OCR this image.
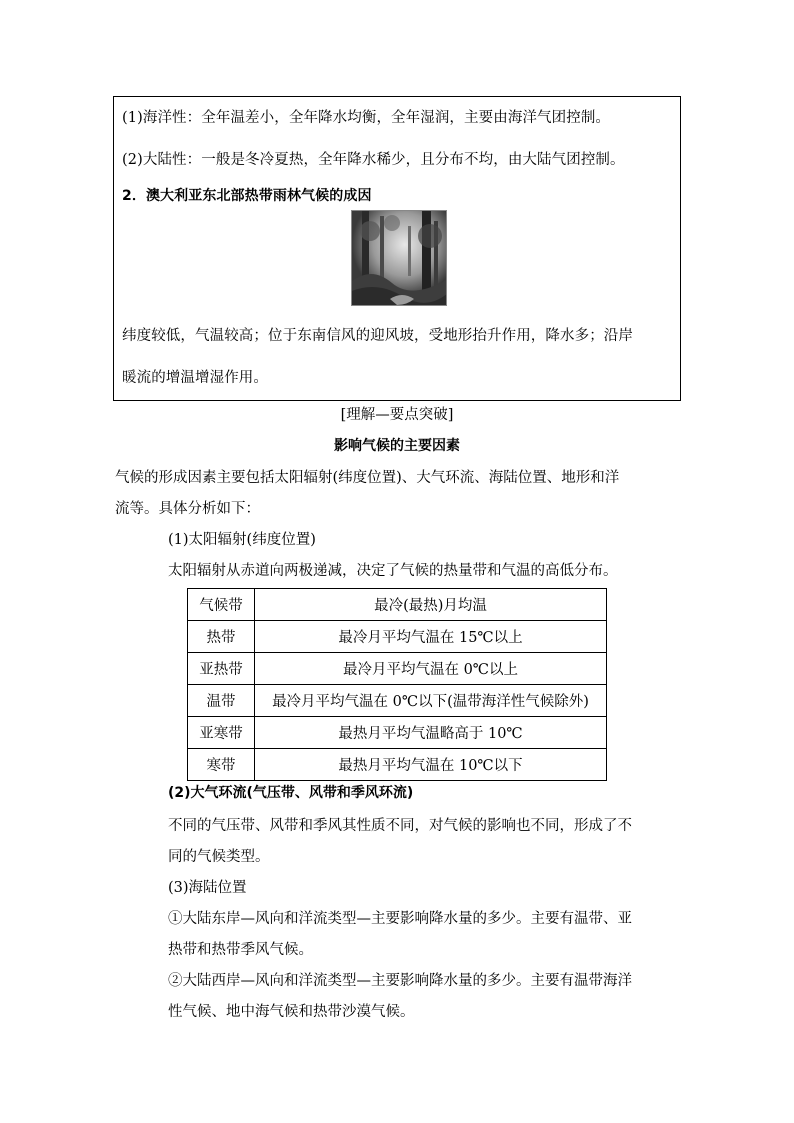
(1)海洋性：全年温差小，全年降水均衡，全年湿润，主要由海洋气团控制。
(2)大陆性：一般是冬冷夏热，全年降水稀少，且分布不均，由大陆气团控制。
2．澳大利亚东北部热带雨林气候的成因
纬度较低，气温较高；位于东南信风的迎风坡，受地形抬升作用，降水多；沿岸
暖流的增温增湿作用。
[理解—要点突破]
影响气候的主要因素
气候的形成因素主要包括太阳辐射(纬度位置)、大气环流、海陆位置、地形和洋
流等。具体分析如下：
(1)太阳辐射(纬度位置)
太阳辐射从赤道向两极递减，决定了气候的热量带和气温的高低分布。
气候带	最冷(最热)月均温
热带	最冷月平均气温在 15℃以上
亚热带	最冷月平均气温在 0℃以上
温带	最冷月平均气温在 0℃以下(温带海洋性气候除外)
亚寒带	最热月平均气温略高于 10℃
寒带	最热月平均气温在 10℃以下
(2)大气环流(气压带、风带和季风环流)
不同的气压带、风带和季风其性质不同，对气候的影响也不同，形成了不
同的气候类型。
(3)海陆位置
①大陆东岸—风向和洋流类型—主要影响降水量的多少。主要有温带、亚
热带和热带季风气候。
②大陆西岸—风向和洋流类型—主要影响降水量的多少。主要有温带海洋
性气候、地中海气候和热带沙漠气候。
